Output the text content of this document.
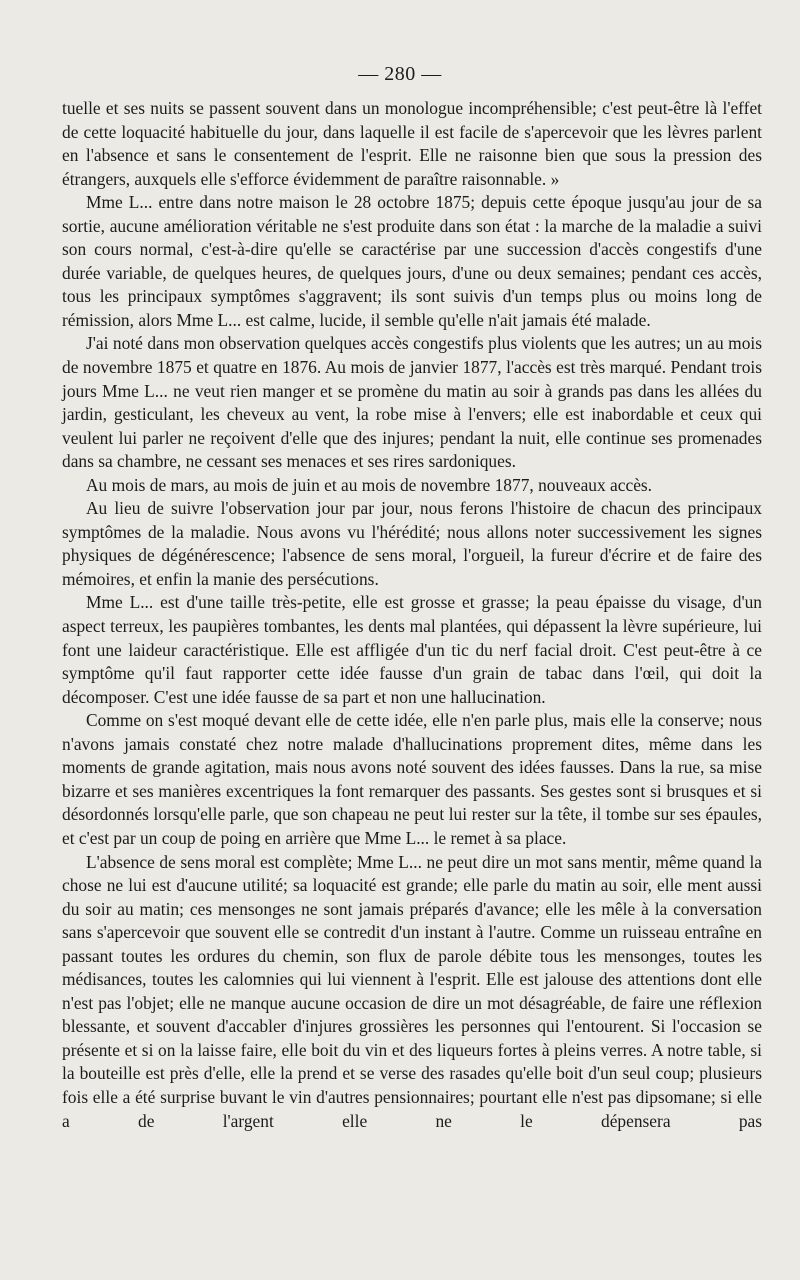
— 280 —

tuelle et ses nuits se passent souvent dans un monologue incompréhensible; c'est peut-être là l'effet de cette loquacité habituelle du jour, dans laquelle il est facile de s'apercevoir que les lèvres parlent en l'absence et sans le consentement de l'esprit. Elle ne raisonne bien que sous la pression des étrangers, auxquels elle s'efforce évidemment de paraître raisonnable. »

Mme L... entre dans notre maison le 28 octobre 1875; depuis cette époque jusqu'au jour de sa sortie, aucune amélioration véritable ne s'est produite dans son état : la marche de la maladie a suivi son cours normal, c'est-à-dire qu'elle se caractérise par une succession d'accès congestifs d'une durée variable, de quelques heures, de quelques jours, d'une ou deux semaines; pendant ces accès, tous les principaux symptômes s'aggravent; ils sont suivis d'un temps plus ou moins long de rémission, alors Mme L... est calme, lucide, il semble qu'elle n'ait jamais été malade.

J'ai noté dans mon observation quelques accès congestifs plus violents que les autres; un au mois de novembre 1875 et quatre en 1876. Au mois de janvier 1877, l'accès est très marqué. Pendant trois jours Mme L... ne veut rien manger et se promène du matin au soir à grands pas dans les allées du jardin, gesticulant, les cheveux au vent, la robe mise à l'envers; elle est inabordable et ceux qui veulent lui parler ne reçoivent d'elle que des injures; pendant la nuit, elle continue ses promenades dans sa chambre, ne cessant ses menaces et ses rires sardoniques.

Au mois de mars, au mois de juin et au mois de novembre 1877, nouveaux accès.

Au lieu de suivre l'observation jour par jour, nous ferons l'histoire de chacun des principaux symptômes de la maladie. Nous avons vu l'hérédité; nous allons noter successivement les signes physiques de dégénérescence; l'absence de sens moral, l'orgueil, la fureur d'écrire et de faire des mémoires, et enfin la manie des persécutions.

Mme L... est d'une taille très-petite, elle est grosse et grasse; la peau épaisse du visage, d'un aspect terreux, les paupières tombantes, les dents mal plantées, qui dépassent la lèvre supérieure, lui font une laideur caractéristique. Elle est affligée d'un tic du nerf facial droit. C'est peut-être à ce symptôme qu'il faut rapporter cette idée fausse d'un grain de tabac dans l'œil, qui doit la décomposer. C'est une idée fausse de sa part et non une hallucination.

Comme on s'est moqué devant elle de cette idée, elle n'en parle plus, mais elle la conserve; nous n'avons jamais constaté chez notre malade d'hallucinations proprement dites, même dans les moments de grande agitation, mais nous avons noté souvent des idées fausses. Dans la rue, sa mise bizarre et ses manières excentriques la font remarquer des passants. Ses gestes sont si brusques et si désordonnés lorsqu'elle parle, que son chapeau ne peut lui rester sur la tête, il tombe sur ses épaules, et c'est par un coup de poing en arrière que Mme L... le remet à sa place.

L'absence de sens moral est complète; Mme L... ne peut dire un mot sans mentir, même quand la chose ne lui est d'aucune utilité; sa loquacité est grande; elle parle du matin au soir, elle ment aussi du soir au matin; ces mensonges ne sont jamais préparés d'avance; elle les mêle à la conversation sans s'apercevoir que souvent elle se contredit d'un instant à l'autre. Comme un ruisseau entraîne en passant toutes les ordures du chemin, son flux de parole débite tous les mensonges, toutes les médisances, toutes les calomnies qui lui viennent à l'esprit. Elle est jalouse des attentions dont elle n'est pas l'objet; elle ne manque aucune occasion de dire un mot désagréable, de faire une réflexion blessante, et souvent d'accabler d'injures grossières les personnes qui l'entourent. Si l'occasion se présente et si on la laisse faire, elle boit du vin et des liqueurs fortes à pleins verres. A notre table, si la bouteille est près d'elle, elle la prend et se verse des rasades qu'elle boit d'un seul coup; plusieurs fois elle a été surprise buvant le vin d'autres pensionnaires; pourtant elle n'est pas dipsomane; si elle a de l'argent elle ne le dépensera pas
